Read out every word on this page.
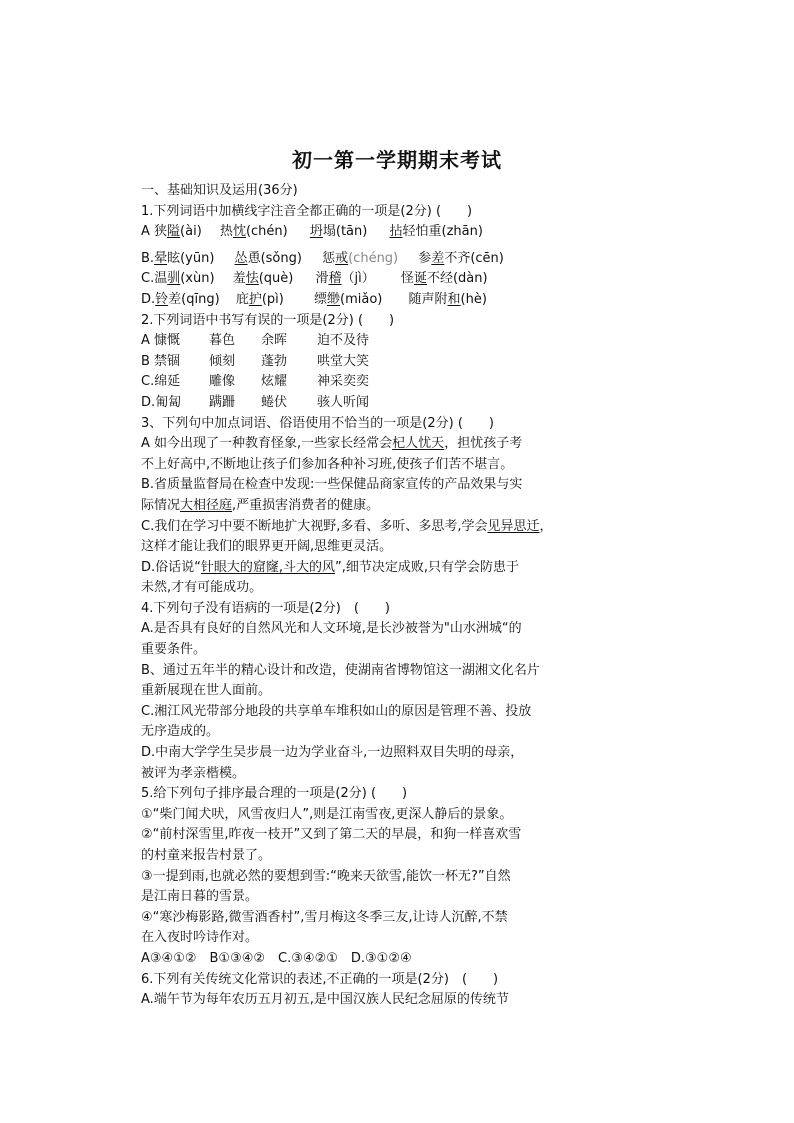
初一第一学期期末考试
一、基础知识及运用(36分)
1.下列词语中加横线字注音全都正确的一项是(2分) (　　)
A 狭隘(ài) 热忱(chén) 坍塌(tān) 拈轻怕重(zhān)
B.晕眩(yūn) 怂恿(sǒng) 惩戒(chéng) 参差不齐(cēn)
C.温驯(xùn) 羞怯(què) 滑稽（jì） 怪诞不经(dàn)
D.铃差(qīng) 庇护(pì) 缥缈(miǎo) 随声附和(hè)
2.下列词语中书写有误的一项是(2分) (　　)
A 慷慨 暮色 余晖 迫不及待
B 禁锢 倾刻 蓬勃 哄堂大笑
C.绵延 雕像 炫耀 神采奕奕
D.匍匐 蹒跚 蜷伏 骇人听闻
3、下列句中加点词语、俗语使用不恰当的一项是(2分) (　　)
A 如今出现了一种教育怪象,一些家长经常会杞人忧天，担忧孩子考
不上好高中,不断地让孩子们参加各种补习班,使孩子们苦不堪言。
B.省质量监督局在检查中发现:一些保健品商家宣传的产品效果与实
际情况大相径庭,严重损害消费者的健康。
C.我们在学习中要不断地扩大视野,多看、多听、多思考,学会见异思迁，
这样才能让我们的眼界更开阔,思维更灵活。
D.俗话说“针眼大的窟窿,斗大的风”,细节决定成败,只有学会防患于
未然,才有可能成功。
4.下列句子没有语病的一项是(2分)　(　　)
A.是否具有良好的自然风光和人文环境,是长沙被誉为"山水洲城“的
重要条件。
B、通过五年半的精心设计和改造，使湖南省博物馆这一湖湘文化名片
重新展现在世人面前。
C.湘江风光带部分地段的共享单车堆积如山的原因是管理不善、投放
无序造成的。
D.中南大学学生吴步晨一边为学业奋斗,一边照料双目失明的母亲，
被评为孝亲楷模。
5.给下列句子排序最合理的一项是(2分) (　　)
①“柴门闻犬吠，风雪夜归人”,则是江南雪夜,更深人静后的景象。
②“前村深雪里,昨夜一枝开”又到了第二天的早晨，和狗一样喜欢雪
的村童来报告村景了。
③一提到雨,也就必然的要想到雪:“晚来天欲雪,能饮一杯无?”自然
是江南日暮的雪景。
④“寒沙梅影路,微雪酒香村”,雪月梅这冬季三友,让诗人沉醉,不禁
在入夜时吟诗作对。
A③④①②　B①③④②　C.③④②①　D.③①②④
6.下列有关传统文化常识的表述,不正确的一项是(2分)　(　　)
A.端午节为每年农历五月初五,是中国汉族人民纪念屈原的传统节
